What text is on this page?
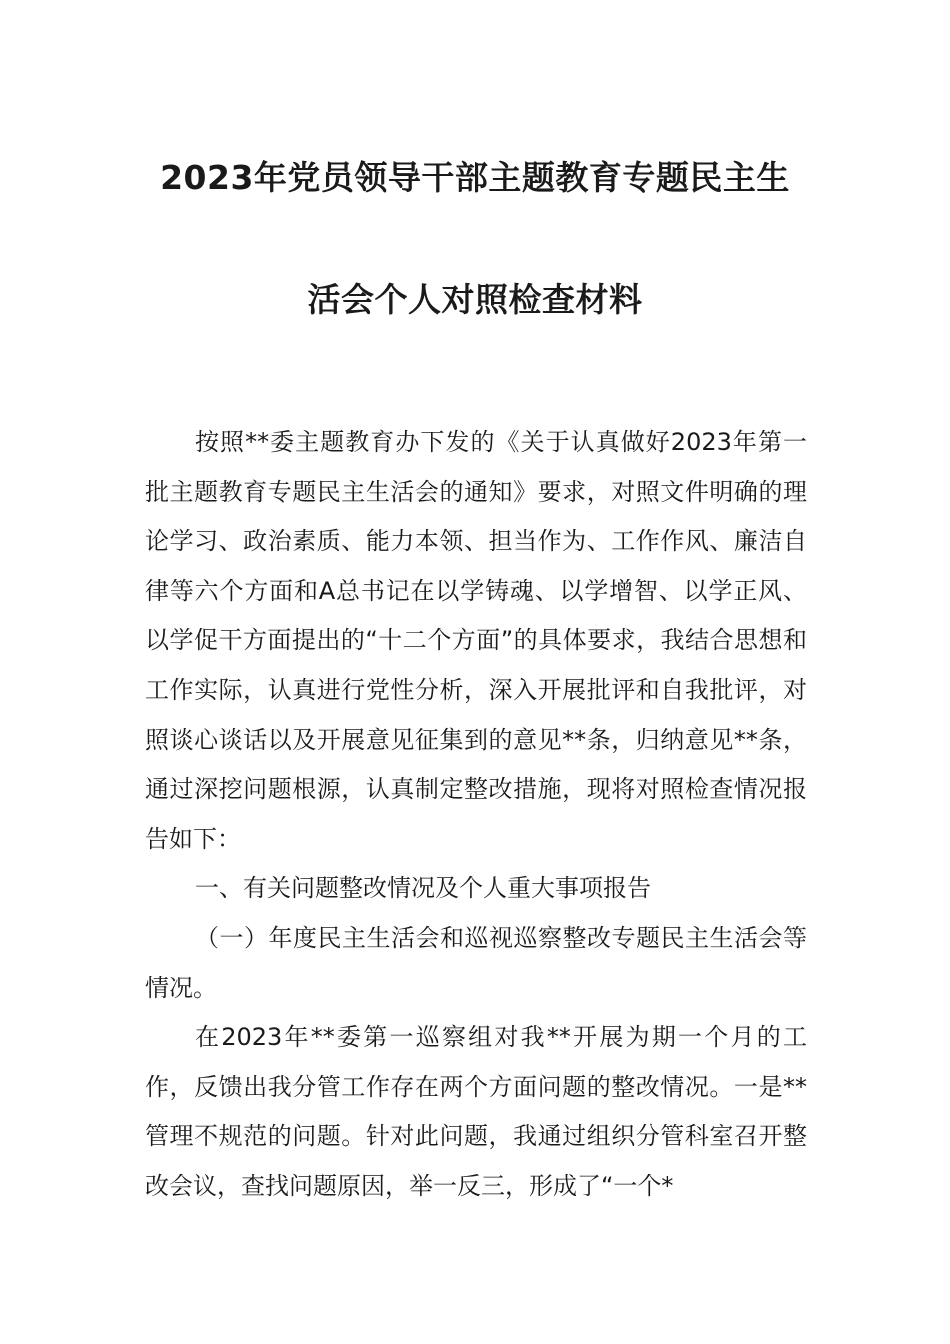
2023年党员领导干部主题教育专题民主生
活会个人对照检查材料

按照**委主题教育办下发的《关于认真做好2023年第一批主题教育专题民主生活会的通知》要求，对照文件明确的理论学习、政治素质、能力本领、担当作为、工作作风、廉洁自律等六个方面和A总书记在以学铸魂、以学增智、以学正风、以学促干方面提出的“十二个方面”的具体要求，我结合思想和工作实际，认真进行党性分析，深入开展批评和自我批评，对照谈心谈话以及开展意见征集到的意见**条，归纳意见**条，通过深挖问题根源，认真制定整改措施，现将对照检查情况报告如下：

一、有关问题整改情况及个人重大事项报告

（一）年度民主生活会和巡视巡察整改专题民主生活会等情况。

在2023年**委第一巡察组对我**开展为期一个月的工作，反馈出我分管工作存在两个方面问题的整改情况。一是**管理不规范的问题。针对此问题，我通过组织分管科室召开整改会议，查找问题原因，举一反三，形成了“一个*
